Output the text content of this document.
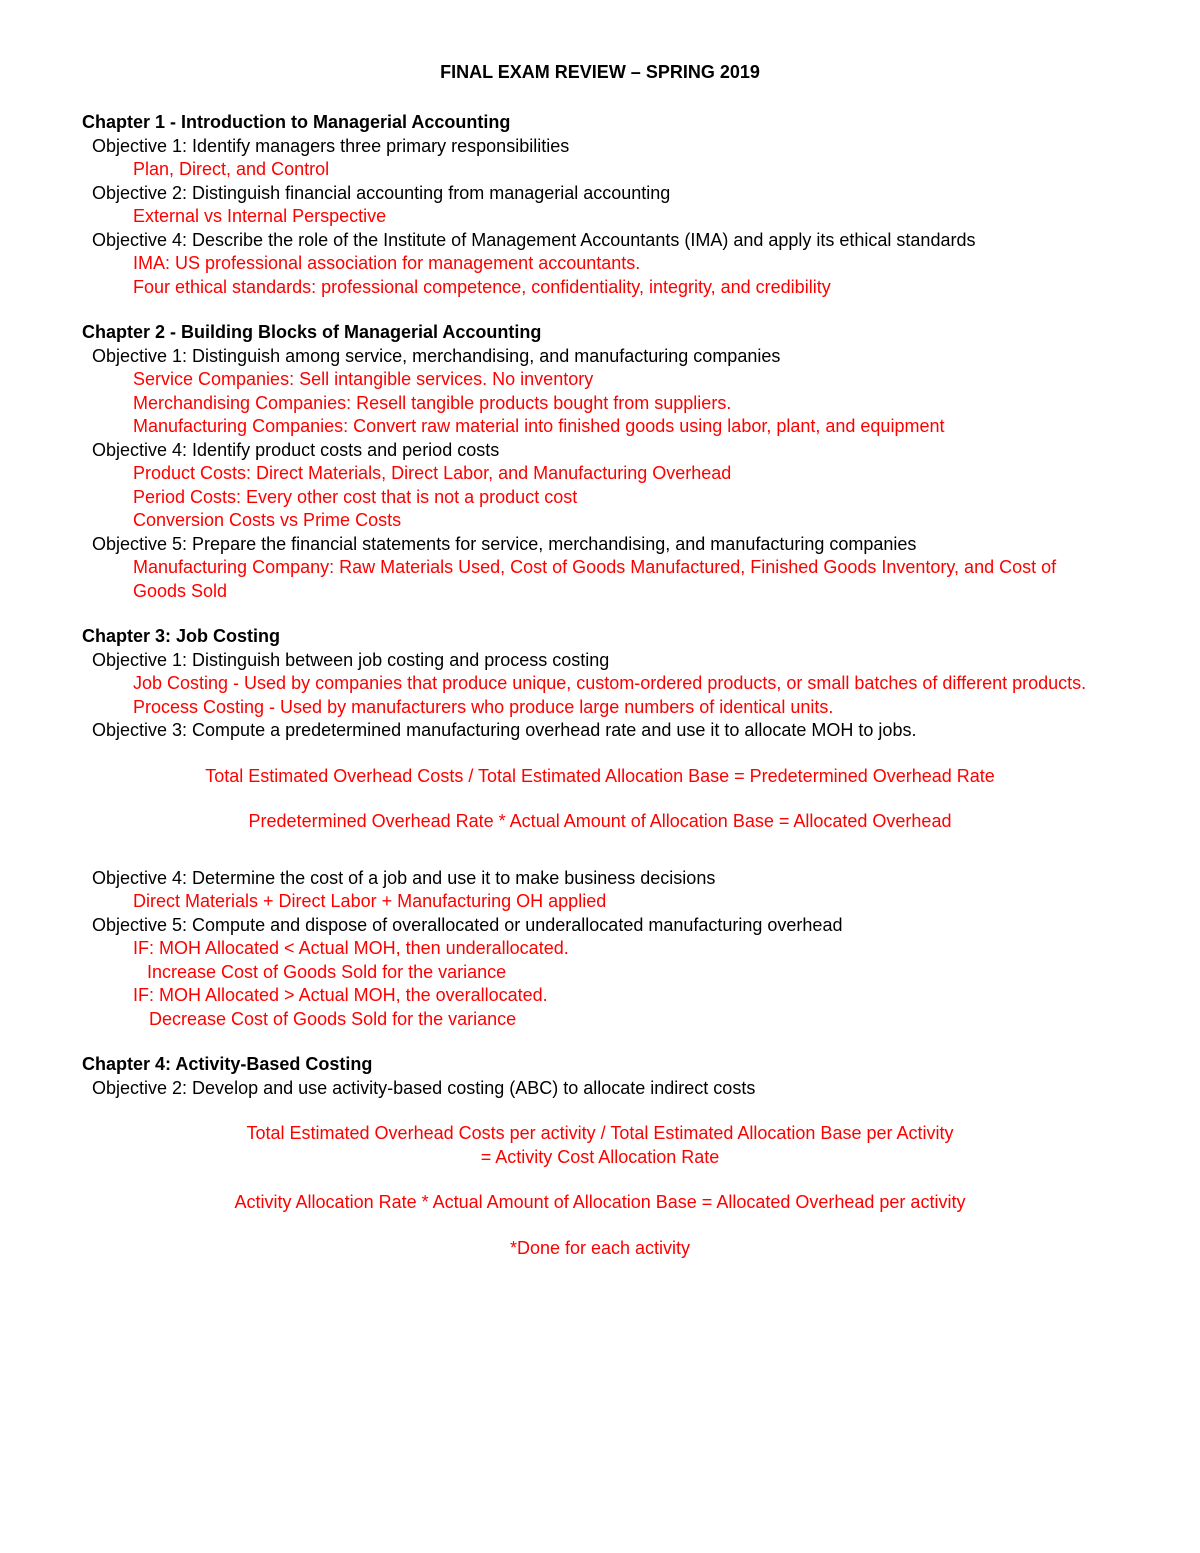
FINAL EXAM REVIEW – SPRING 2019
Chapter 1 - Introduction to Managerial Accounting
Objective 1: Identify managers three primary responsibilities
Plan, Direct, and Control
Objective 2: Distinguish financial accounting from managerial accounting
External vs Internal Perspective
Objective 4: Describe the role of the Institute of Management Accountants (IMA) and apply its ethical standards
IMA: US professional association for management accountants.
Four ethical standards: professional competence, confidentiality, integrity, and credibility
Chapter 2 - Building Blocks of Managerial Accounting
Objective 1: Distinguish among service, merchandising, and manufacturing companies
Service Companies: Sell intangible services. No inventory
Merchandising Companies: Resell tangible products bought from suppliers.
Manufacturing Companies: Convert raw material into finished goods using labor, plant, and equipment
Objective 4: Identify product costs and period costs
Product Costs: Direct Materials, Direct Labor, and Manufacturing Overhead
Period Costs: Every other cost that is not a product cost
Conversion Costs vs Prime Costs
Objective 5: Prepare the financial statements for service, merchandising, and manufacturing companies
Manufacturing Company: Raw Materials Used, Cost of Goods Manufactured, Finished Goods Inventory, and Cost of Goods Sold
Chapter 3: Job Costing
Objective 1: Distinguish between job costing and process costing
Job Costing - Used by companies that produce unique, custom-ordered products, or small batches of different products.
Process Costing - Used by manufacturers who produce large numbers of identical units.
Objective 3: Compute a predetermined manufacturing overhead rate and use it to allocate MOH to jobs.
Total Estimated Overhead Costs / Total Estimated Allocation Base = Predetermined Overhead Rate
Predetermined Overhead Rate * Actual Amount of Allocation Base = Allocated Overhead
Objective 4: Determine the cost of a job and use it to make business decisions
Direct Materials + Direct Labor + Manufacturing OH applied
Objective 5: Compute and dispose of overallocated or underallocated manufacturing overhead
IF: MOH Allocated < Actual MOH, then underallocated.
Increase Cost of Goods Sold for the variance
IF: MOH Allocated > Actual MOH, the overallocated.
Decrease Cost of Goods Sold for the variance
Chapter 4: Activity-Based Costing
Objective 2: Develop and use activity-based costing (ABC) to allocate indirect costs
Total Estimated Overhead Costs per activity / Total Estimated Allocation Base per Activity
= Activity Cost Allocation Rate
Activity Allocation Rate * Actual Amount of Allocation Base = Allocated Overhead per activity
*Done for each activity
